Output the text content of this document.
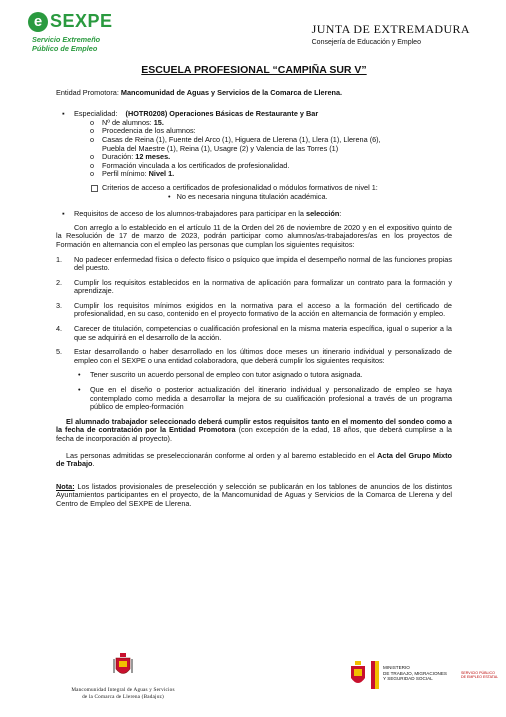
e SEXPE
Servicio Extremeño
Público de Empleo
JUNTA DE EXTREMADURA
Consejería de Educación y Empleo
ESCUELA PROFESIONAL “CAMPIÑA SUR V”

Entidad Promotora: Mancomunidad de Aguas y Servicios de la Comarca de Llerena.

▪ Especialidad: (HOTR0208) Operaciones Básicas de Restaurante y Bar
o Nº de alumnos: 15.
o Procedencia de los alumnos:
o Casas de Reina (1), Fuente del Arco (1), Higuera de Llerena (1), Llera (1), Llerena (6),
Puebla del Maestre (1), Reina (1), Usagre (2) y Valencia de las Torres (1)
o Duración: 12 meses.
o Formación vinculada a los certificados de profesionalidad.
o Perfil mínimo: Nivel 1.
Criterios de acceso a certificados de profesionalidad o módulos formativos de nivel 1:
•   No es necesaria ninguna titulación académica.
▪ Requisitos de acceso de los alumnos-trabajadores para participar en la selección:

Con arreglo a lo establecido en el artículo 11 de la Orden del 26 de noviembre de 2020 y en el expositivo quinto de la Resolución de 17 de marzo de 2023, podrán participar como alumnos/as-trabajadores/as en los proyectos de Formación en alternancia con el empleo las personas que cumplan los siguientes requisitos:

1. No padecer enfermedad física o defecto físico o psíquico que impida el desempeño normal de las funciones propias del puesto.
2. Cumplir los requisitos establecidos en la normativa de aplicación para formalizar un contrato para la formación y aprendizaje.
3. Cumplir los requisitos mínimos exigidos en la normativa para el acceso a la formación del certificado de profesionalidad, en su caso, contenido en el proyecto formativo de la acción en alternancia de formación y empleo.
4. Carecer de titulación, competencias o cualificación profesional en la misma materia específica, igual o superior a la que se adquirirá en el desarrollo de la acción.
5. Estar desarrollando o haber desarrollado en los últimos doce meses un itinerario individual y personalizado de empleo con el SEXPE o una entidad colaboradora, que deberá cumplir los siguientes requisitos:
• Tener suscrito un acuerdo personal de empleo con tutor asignado o tutora asignada.
• Que en el diseño o posterior actualización del itinerario individual y personalizado de empleo se haya contemplado como medida a desarrollar la mejora de su cualificación profesional a través de un programa público de empleo-formación

El alumnado trabajador seleccionado deberá cumplir estos requisitos tanto en el momento del sondeo como a la fecha de contratación por la Entidad Promotora (con excepción de la edad, 18 años, que deberá cumplirse a la fecha de incorporación al proyecto).

Las personas admitidas se preseleccionarán conforme al orden y al baremo establecido en el Acta del Grupo Mixto de Trabajo.

Nota: Los listados provisionales de preselección y selección se publicarán en los tablones de anuncios de los distintos Ayuntamientos participantes en el proyecto, de la Mancomunidad de Aguas y Servicios de la Comarca de Llerena y del Centro de Empleo del SEXPE de Llerena.

Mancomunidad Integral de Aguas y Servicios
de la Comarca de Llerena (Badajoz)
MINISTERIO
DE TRABAJO, MIGRACIONES
Y SEGURIDAD SOCIAL
SERVICIO PÚBLICO
DE EMPLEO ESTATAL
